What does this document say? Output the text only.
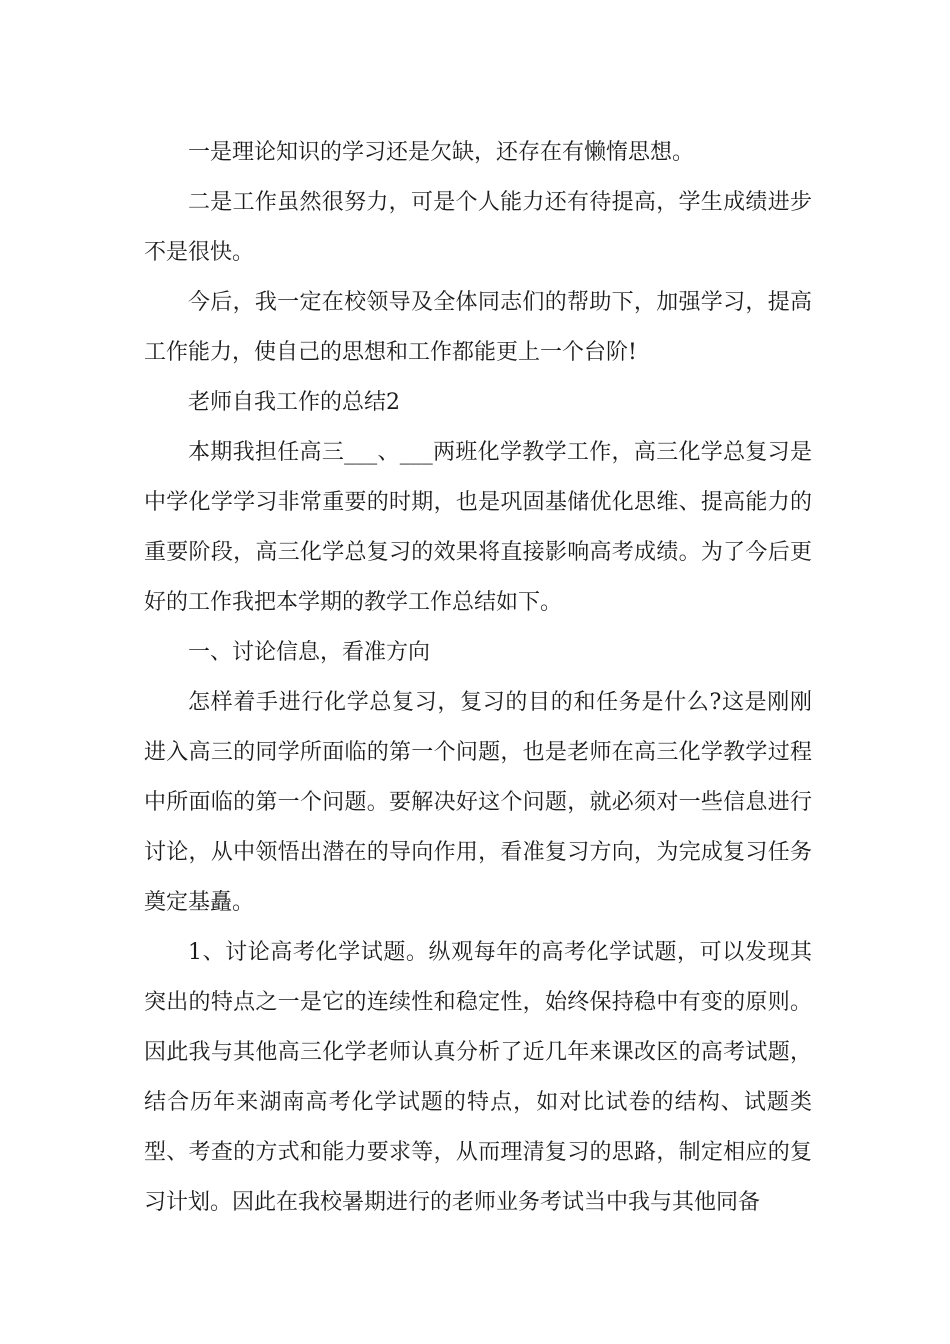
一是理论知识的学习还是欠缺，还存在有懒惰思想。

二是工作虽然很努力，可是个人能力还有待提高，学生成绩进步不是很快。

今后，我一定在校领导及全体同志们的帮助下，加强学习，提高工作能力，使自己的思想和工作都能更上一个台阶!

老师自我工作的总结2

本期我担任高三___、___两班化学教学工作，高三化学总复习是中学化学学习非常重要的时期，也是巩固基储优化思维、提高能力的重要阶段，高三化学总复习的效果将直接影响高考成绩。为了今后更好的工作我把本学期的教学工作总结如下。

一、讨论信息，看准方向

怎样着手进行化学总复习，复习的目的和任务是什么?这是刚刚进入高三的同学所面临的第一个问题，也是老师在高三化学教学过程中所面临的第一个问题。要解决好这个问题，就必须对一些信息进行讨论，从中领悟出潜在的导向作用，看准复习方向，为完成复习任务奠定基矗。

1、讨论高考化学试题。纵观每年的高考化学试题，可以发现其突出的特点之一是它的连续性和稳定性，始终保持稳中有变的原则。因此我与其他高三化学老师认真分析了近几年来课改区的高考试题，结合历年来湖南高考化学试题的特点，如对比试卷的结构、试题类型、考查的方式和能力要求等，从而理清复习的思路，制定相应的复习计划。因此在我校暑期进行的老师业务考试当中我与其他同备
